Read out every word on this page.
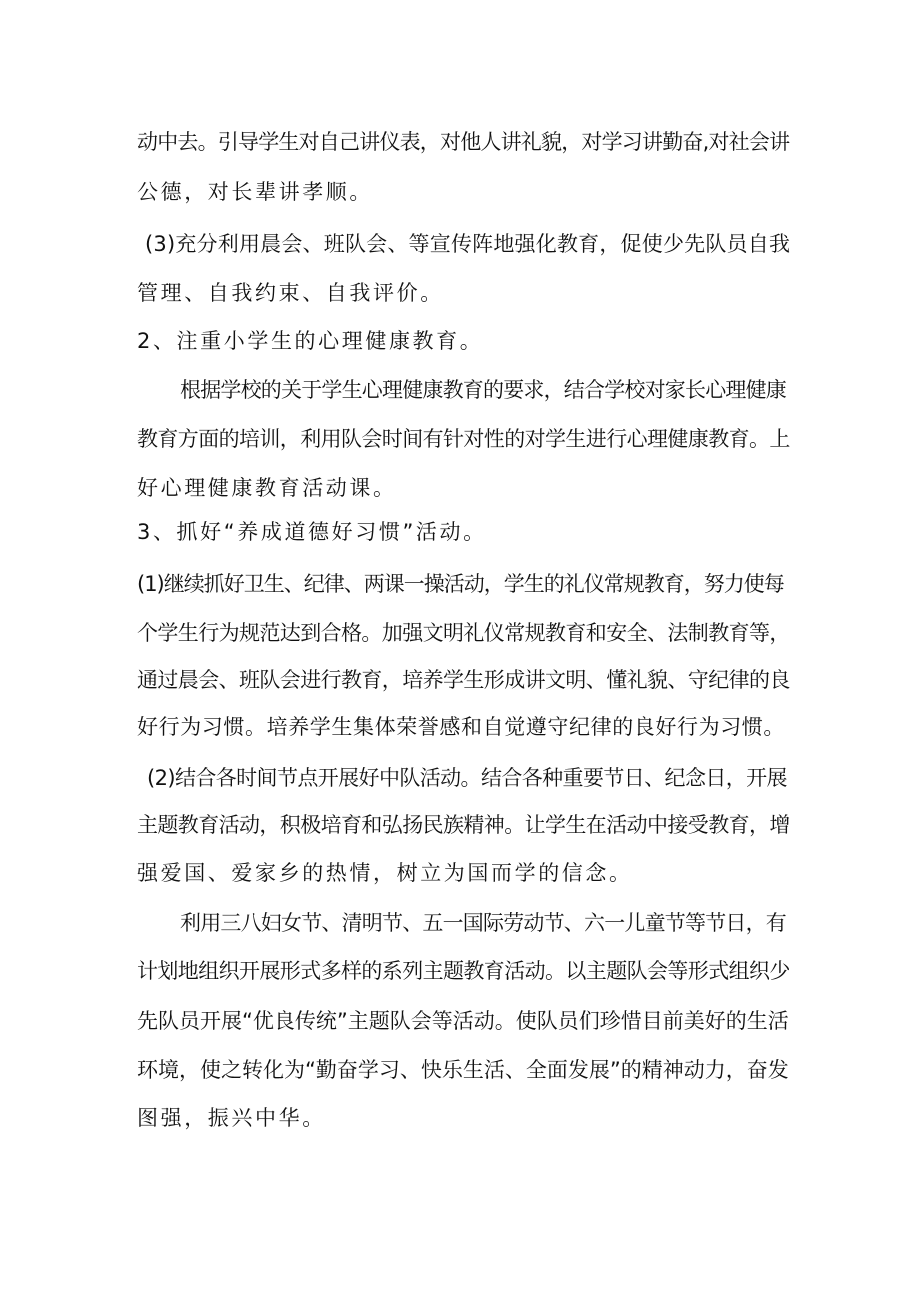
动中去。引导学生对自己讲仪表，对他人讲礼貌，对学习讲勤奋,对社会讲
公德，对长辈讲孝顺。
(3)充分利用晨会、班队会、等宣传阵地强化教育，促使少先队员自我
管理、自我约束、自我评价。
2、注重小学生的心理健康教育。
根据学校的关于学生心理健康教育的要求，结合学校对家长心理健康
教育方面的培训，利用队会时间有针对性的对学生进行心理健康教育。上
好心理健康教育活动课。
3、抓好“养成道德好习惯”活动。
(1)继续抓好卫生、纪律、两课一操活动，学生的礼仪常规教育，努力使每
个学生行为规范达到合格。加强文明礼仪常规教育和安全、法制教育等，
通过晨会、班队会进行教育，培养学生形成讲文明、懂礼貌、守纪律的良
好行为习惯。培养学生集体荣誉感和自觉遵守纪律的良好行为习惯。
(2)结合各时间节点开展好中队活动。结合各种重要节日、纪念日，开展
主题教育活动，积极培育和弘扬民族精神。让学生在活动中接受教育，增
强爱国、爱家乡的热情，树立为国而学的信念。
利用三八妇女节、清明节、五一国际劳动节、六一儿童节等节日，有
计划地组织开展形式多样的系列主题教育活动。以主题队会等形式组织少
先队员开展“优良传统”主题队会等活动。使队员们珍惜目前美好的生活
环境，使之转化为“勤奋学习、快乐生活、全面发展”的精神动力，奋发
图强，振兴中华。
